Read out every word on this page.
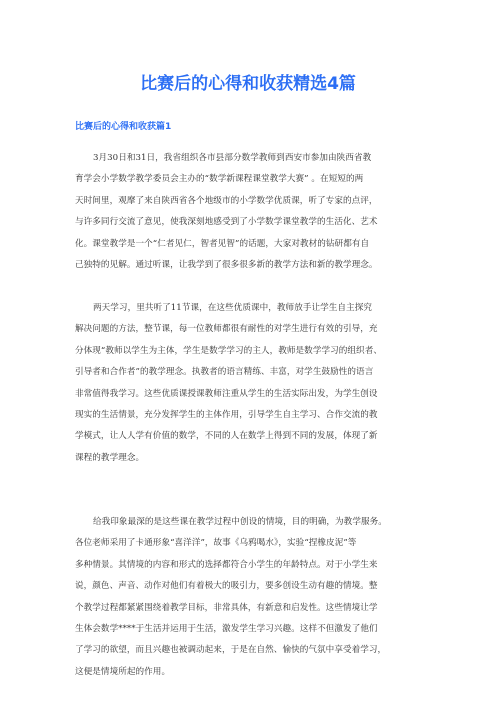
比赛后的心得和收获精选4篇
比赛后的心得和收获篇1

3月30日和31日，我省组织各市县部分数学教师到西安市参加由陕西省教
育学会小学数学教学委员会主办的“数学新课程课堂教学大赛” 。在短短的两
天时间里，观摩了来自陕西省各个地级市的小学数学优质课，听了专家的点评，
与许多同行交流了意见，使我深刻地感受到了小学数学课堂教学的生活化、艺术
化。课堂教学是一个“仁者见仁，智者见智”的话题，大家对教材的钻研都有自
己独特的见解。通过听课，让我学到了很多很多新的教学方法和新的教学理念。

两天学习，里共听了11节课，在这些优质课中，教师放手让学生自主探究
解决问题的方法，整节课，每一位教师都很有耐性的对学生进行有效的引导，充
分体现“教师以学生为主体，学生是数学学习的主人，教师是数学学习的组织者、
引导者和合作者”的教学理念。执教者的语言精练、丰富，对学生鼓励性的语言
非常值得我学习。这些优质课授课教师注重从学生的生活实际出发，为学生创设
现实的生活情景，充分发挥学生的主体作用，引导学生自主学习、合作交流的教
学模式，让人人学有价值的数学，不同的人在数学上得到不同的发展，体现了新
课程的教学理念。

给我印象最深的是这些课在教学过程中创设的情境，目的明确，为教学服务。
各位老师采用了卡通形象“喜洋洋”，故事《乌鸦喝水》，实验“捏橡皮泥”等
多种情景。其情境的内容和形式的选择都符合小学生的年龄特点。对于小学生来
说，颜色、声音、动作对他们有着极大的吸引力，要多创设生动有趣的情境。整
个教学过程都紧紧围绕着教学目标，非常具体，有新意和启发性。这些情境让学
生体会数学****于生活并运用于生活，激发学生学习兴趣。这样不但激发了他们
了学习的欲望，而且兴趣也被调动起来，于是在自然、愉快的气氛中享受着学习，
这便是情境所起的作用。
